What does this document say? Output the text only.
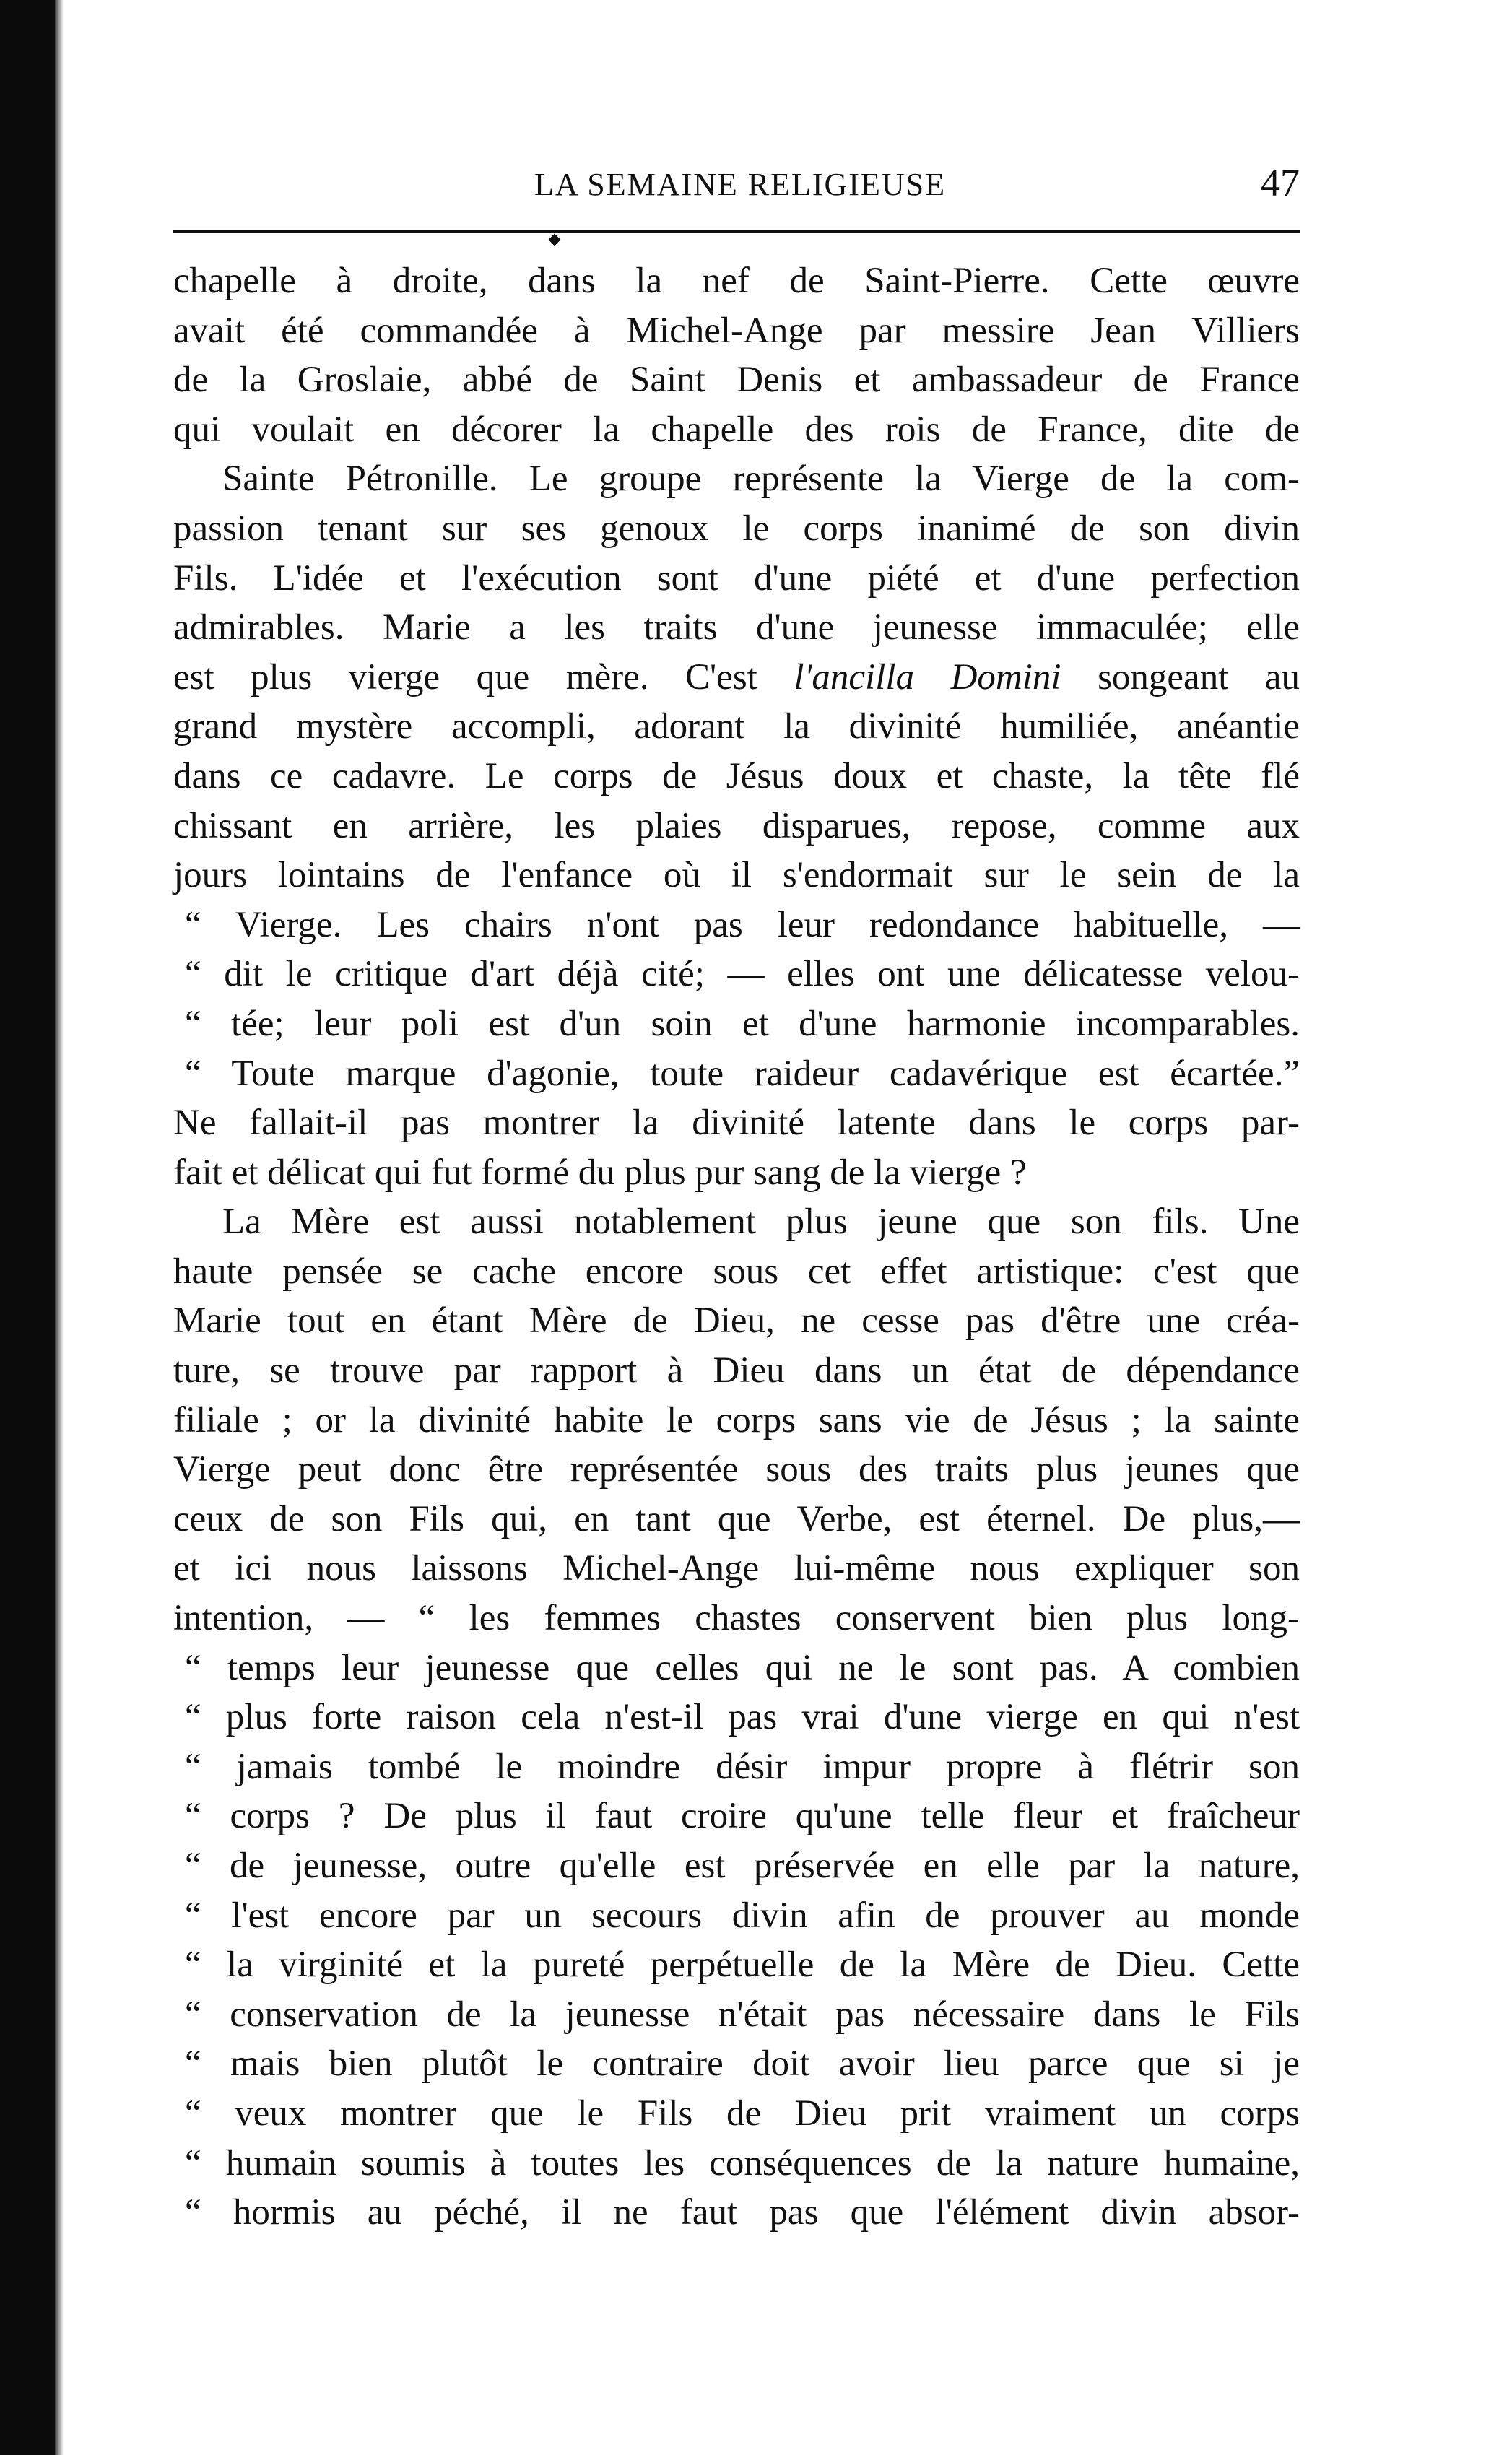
LA SEMAINE RELIGIEUSE	47
chapelle à droite, dans la nef de Saint-Pierre. Cette œuvre
avait été commandée à Michel-Ange par messire Jean Villiers
de la Groslaie, abbé de Saint Denis et ambassadeur de France
qui voulait en décorer la chapelle des rois de France, dite de
Sainte Pétronille. Le groupe représente la Vierge de la com-
passion tenant sur ses genoux le corps inanimé de son divin
Fils. L'idée et l'exécution sont d'une piété et d'une perfection
admirables. Marie a les traits d'une jeunesse immaculée; elle
est plus vierge que mère. C'est l'ancilla Domini songeant au
grand mystère accompli, adorant la divinité humiliée, anéantie
dans ce cadavre. Le corps de Jésus doux et chaste, la tête flé
chissant en arrière, les plaies disparues, repose, comme aux
jours lointains de l'enfance où il s'endormait sur le sein de la
“ Vierge. Les chairs n'ont pas leur redondance habituelle, —
“ dit le critique d'art déjà cité; — elles ont une délicatesse velou-
“ tée; leur poli est d'un soin et d'une harmonie incomparables.
“ Toute marque d'agonie, toute raideur cadavérique est écartée.”
Ne fallait-il pas montrer la divinité latente dans le corps par-
fait et délicat qui fut formé du plus pur sang de la vierge ?
La Mère est aussi notablement plus jeune que son fils. Une
haute pensée se cache encore sous cet effet artistique: c'est que
Marie tout en étant Mère de Dieu, ne cesse pas d'être une créa-
ture, se trouve par rapport à Dieu dans un état de dépendance
filiale ; or la divinité habite le corps sans vie de Jésus ; la sainte
Vierge peut donc être représentée sous des traits plus jeunes que
ceux de son Fils qui, en tant que Verbe, est éternel. De plus,—
et ici nous laissons Michel-Ange lui-même nous expliquer son
intention, — “ les femmes chastes conservent bien plus long-
“ temps leur jeunesse que celles qui ne le sont pas. A combien
“ plus forte raison cela n'est-il pas vrai d'une vierge en qui n'est
“ jamais tombé le moindre désir impur propre à flétrir son
“ corps ? De plus il faut croire qu'une telle fleur et fraîcheur
“ de jeunesse, outre qu'elle est préservée en elle par la nature,
“ l'est encore par un secours divin afin de prouver au monde
“ la virginité et la pureté perpétuelle de la Mère de Dieu. Cette
“ conservation de la jeunesse n'était pas nécessaire dans le Fils
“ mais bien plutôt le contraire doit avoir lieu parce que si je
“ veux montrer que le Fils de Dieu prit vraiment un corps
“ humain soumis à toutes les conséquences de la nature humaine,
“ hormis au péché, il ne faut pas que l'élément divin absor-
